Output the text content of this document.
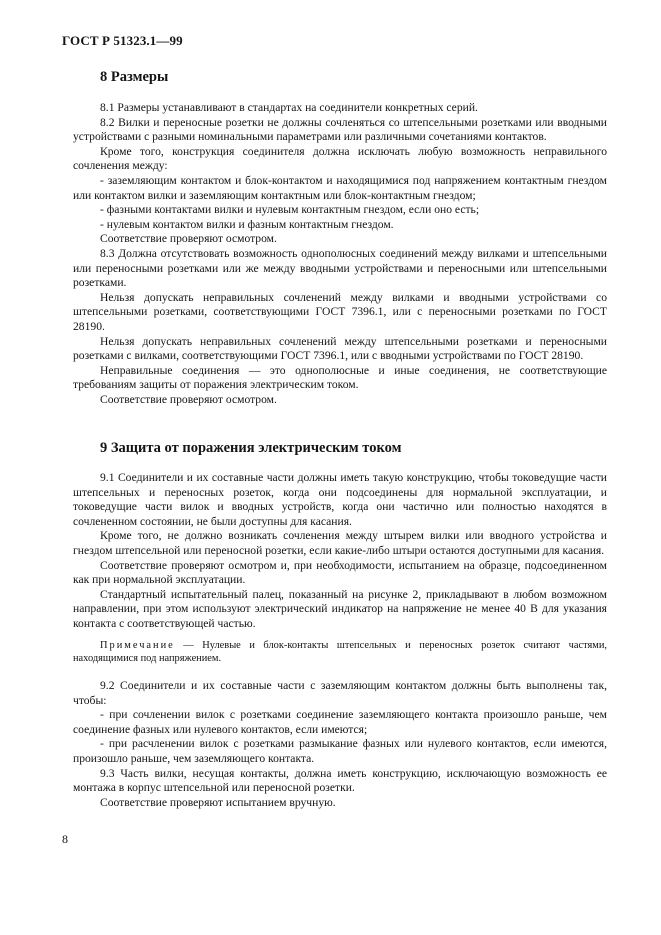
ГОСТ Р 51323.1—99
8 Размеры

8.1 Размеры устанавливают в стандартах на соединители конкретных серий.

8.2 Вилки и переносные розетки не должны сочленяться со штепсельными розетками или вводными устройствами с разными номинальными параметрами или различными сочетаниями контактов.

Кроме того, конструкция соединителя должна исключать любую возможность неправильного сочленения между:

- заземляющим контактом и блок-контактом и находящимися под напряжением контактным гнездом или контактом вилки и заземляющим контактным или блок-контактным гнездом;

- фазными контактами вилки и нулевым контактным гнездом, если оно есть;

- нулевым контактом вилки и фазным контактным гнездом.

Соответствие проверяют осмотром.

8.3 Должна отсутствовать возможность однополюсных соединений между вилками и штепсельными или переносными розетками или же между вводными устройствами и переносными или штепсельными розетками.

Нельзя допускать неправильных сочленений между вилками и вводными устройствами со штепсельными розетками, соответствующими ГОСТ 7396.1, или с переносными розетками по ГОСТ 28190.

Нельзя допускать неправильных сочленений между штепсельными розетками и переносными розетками с вилками, соответствующими ГОСТ 7396.1, или с вводными устройствами по ГОСТ 28190.

Неправильные соединения — это однополюсные и иные соединения, не соответствующие требованиям защиты от поражения электрическим током.

Соответствие проверяют осмотром.

9 Защита от поражения электрическим током

9.1 Соединители и их составные части должны иметь такую конструкцию, чтобы токоведущие части штепсельных и переносных розеток, когда они подсоединены для нормальной эксплуатации, и токоведущие части вилок и вводных устройств, когда они частично или полностью находятся в сочлененном состоянии, не были доступны для касания.

Кроме того, не должно возникать сочленения между штырем вилки или вводного устройства и гнездом штепсельной или переносной розетки, если какие-либо штыри остаются доступными для касания.

Соответствие проверяют осмотром и, при необходимости, испытанием на образце, подсоединенном как при нормальной эксплуатации.

Стандартный испытательный палец, показанный на рисунке 2, прикладывают в любом возможном направлении, при этом используют электрический индикатор на напряжение не менее 40 В для указания контакта с соответствующей частью.

Примечание — Нулевые и блок-контакты штепсельных и переносных розеток считают частями, находящимися под напряжением.

9.2 Соединители и их составные части с заземляющим контактом должны быть выполнены так, чтобы:

- при сочленении вилок с розетками соединение заземляющего контакта произошло раньше, чем соединение фазных или нулевого контактов, если имеются;

- при расчленении вилок с розетками размыкание фазных или нулевого контактов, если имеются, произошло раньше, чем заземляющего контакта.

9.3 Часть вилки, несущая контакты, должна иметь конструкцию, исключающую возможность ее монтажа в корпус штепсельной или переносной розетки.

Соответствие проверяют испытанием вручную.

8
